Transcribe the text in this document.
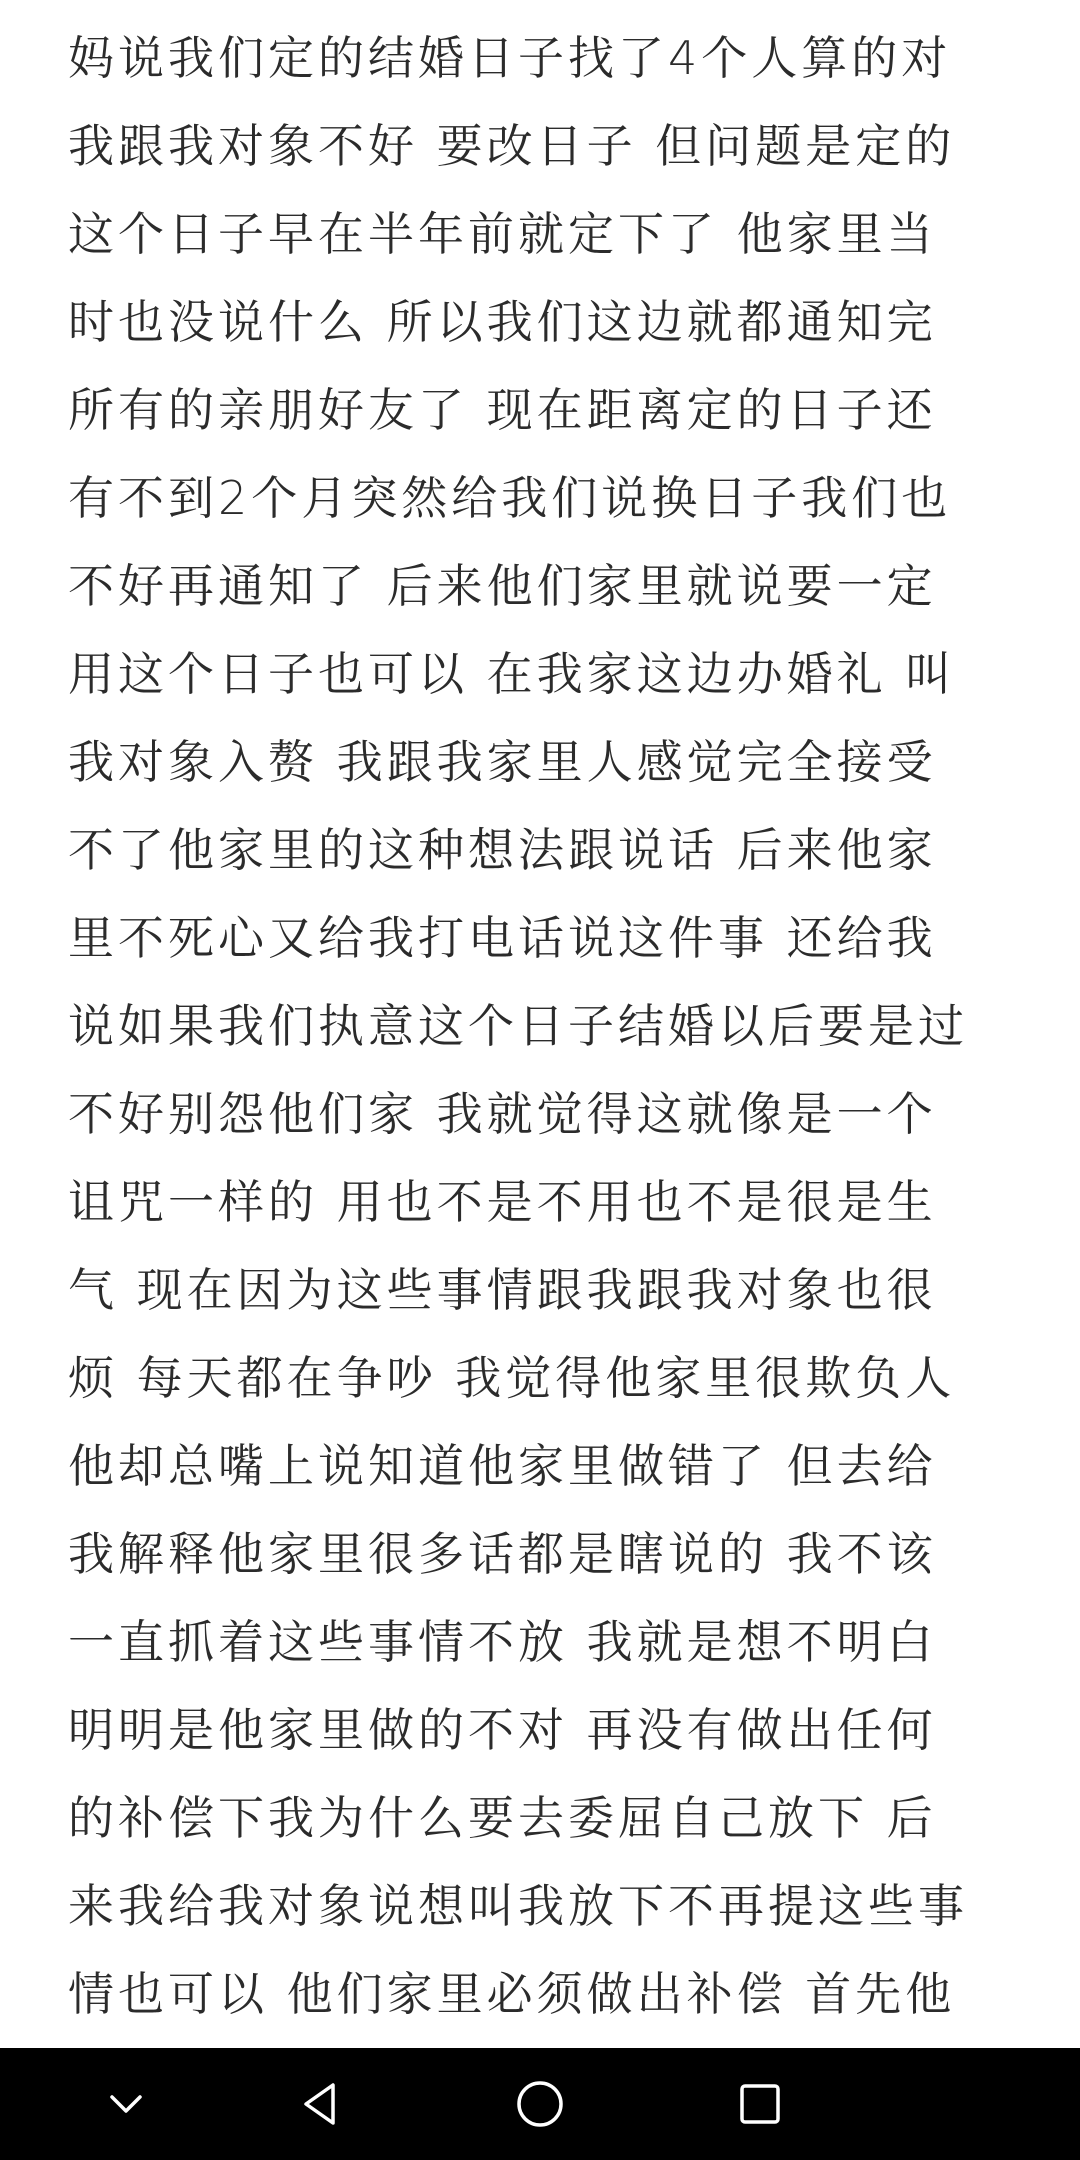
妈说我们定的结婚日子找了4个人算的对
我跟我对象不好 要改日子 但问题是定的
这个日子早在半年前就定下了 他家里当
时也没说什么 所以我们这边就都通知完
所有的亲朋好友了 现在距离定的日子还
有不到2个月突然给我们说换日子我们也
不好再通知了 后来他们家里就说要一定
用这个日子也可以 在我家这边办婚礼 叫
我对象入赘 我跟我家里人感觉完全接受
不了他家里的这种想法跟说话 后来他家
里不死心又给我打电话说这件事 还给我
说如果我们执意这个日子结婚以后要是过
不好别怨他们家 我就觉得这就像是一个
诅咒一样的 用也不是不用也不是很是生
气 现在因为这些事情跟我跟我对象也很
烦 每天都在争吵 我觉得他家里很欺负人
他却总嘴上说知道他家里做错了 但去给
我解释他家里很多话都是瞎说的 我不该
一直抓着这些事情不放 我就是想不明白
明明是他家里做的不对 再没有做出任何
的补偿下我为什么要去委屈自己放下 后
来我给我对象说想叫我放下不再提这些事
情也可以 他们家里必须做出补偿 首先他
